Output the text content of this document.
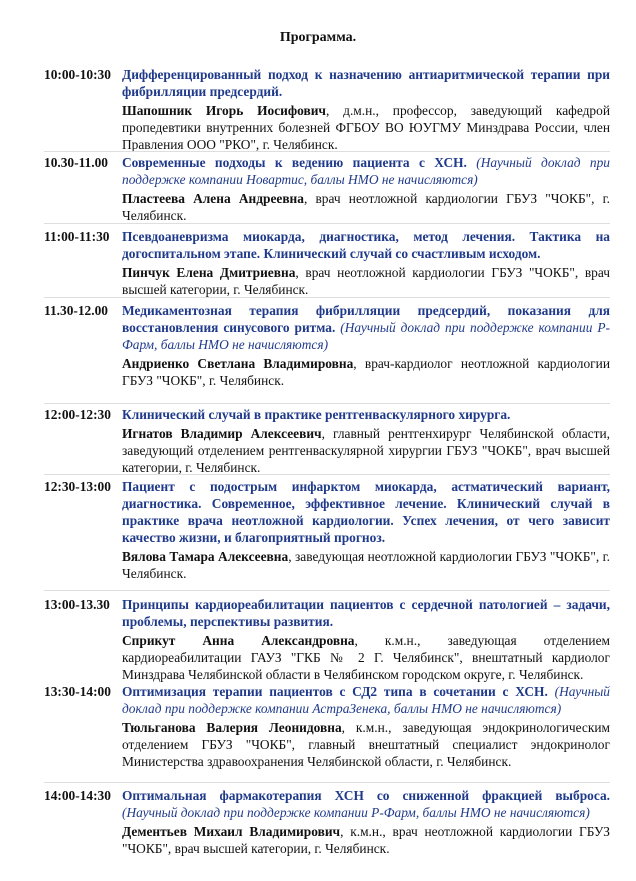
Программа.
10:00-10:30 Дифференцированный подход к назначению антиаритмической терапии при фибрилляции предсердий.
Шапошник Игорь Иосифович, д.м.н., профессор, заведующий кафедрой пропедевтики внутренних болезней ФГБОУ ВО ЮУГМУ Минздрава России, член Правления ООО "РКО", г. Челябинск.
10.30-11.00 Современные подходы к ведению пациента с ХСН. (Научный доклад при поддержке компании Новартис, баллы НМО не начисляются)
Пластеева Алена Андреевна, врач неотложной кардиологии ГБУЗ "ЧОКБ", г. Челябинск.
11:00-11:30 Псевдоаневризма миокарда, диагностика, метод лечения. Тактика на догоспитальном этапе. Клинический случай со счастливым исходом.
Пинчук Елена Дмитриевна, врач неотложной кардиологии ГБУЗ "ЧОКБ", врач высшей категории, г. Челябинск.
11.30-12.00 Медикаментозная терапия фибрилляции предсердий, показания для восстановления синусового ритма. (Научный доклад при поддержке компании Р-Фарм, баллы НМО не начисляются)
Андриенко Светлана Владимировна, врач-кардиолог неотложной кардиологии ГБУЗ "ЧОКБ", г. Челябинск.
12:00-12:30 Клинический случай в практике рентгенваскулярного хирурга.
Игнатов Владимир Алексеевич, главный рентгенхирург Челябинской области, заведующий отделением рентгенваскулярной хирургии ГБУЗ "ЧОКБ", врач высшей категории, г. Челябинск.
12:30-13:00 Пациент с подострым инфарктом миокарда, астматический вариант, диагностика. Современное, эффективное лечение. Клинический случай в практике врача неотложной кардиологии. Успех лечения, от чего зависит качество жизни, и благоприятный прогноз.
Вялова Тамара Алексеевна, заведующая неотложной кардиологии ГБУЗ "ЧОКБ", г. Челябинск.
13:00-13.30 Принципы кардиореабилитации пациентов с сердечной патологией – задачи, проблемы, перспективы развития.
Сприкут Анна Александровна, к.м.н., заведующая отделением кардиореабилитации ГАУЗ "ГКБ № 2 Г. Челябинск", внештатный кардиолог Минздрава Челябинской области в Челябинском городском округе, г. Челябинск.
13:30-14:00 Оптимизация терапии пациентов с СД2 типа в сочетании с ХСН. (Научный доклад при поддержке компании АстраЗенека, баллы НМО не начисляются)
Тюльганова Валерия Леонидовна, к.м.н., заведующая эндокринологическим отделением ГБУЗ "ЧОКБ", главный внештатный специалист эндокринолог Министерства здравоохранения Челябинской области, г. Челябинск.
14:00-14:30 Оптимальная фармакотерапия ХСН со сниженной фракцией выброса. (Научный доклад при поддержке компании Р-Фарм, баллы НМО не начисляются)
Дементьев Михаил Владимирович, к.м.н., врач неотложной кардиологии ГБУЗ "ЧОКБ", врач высшей категории, г. Челябинск.
